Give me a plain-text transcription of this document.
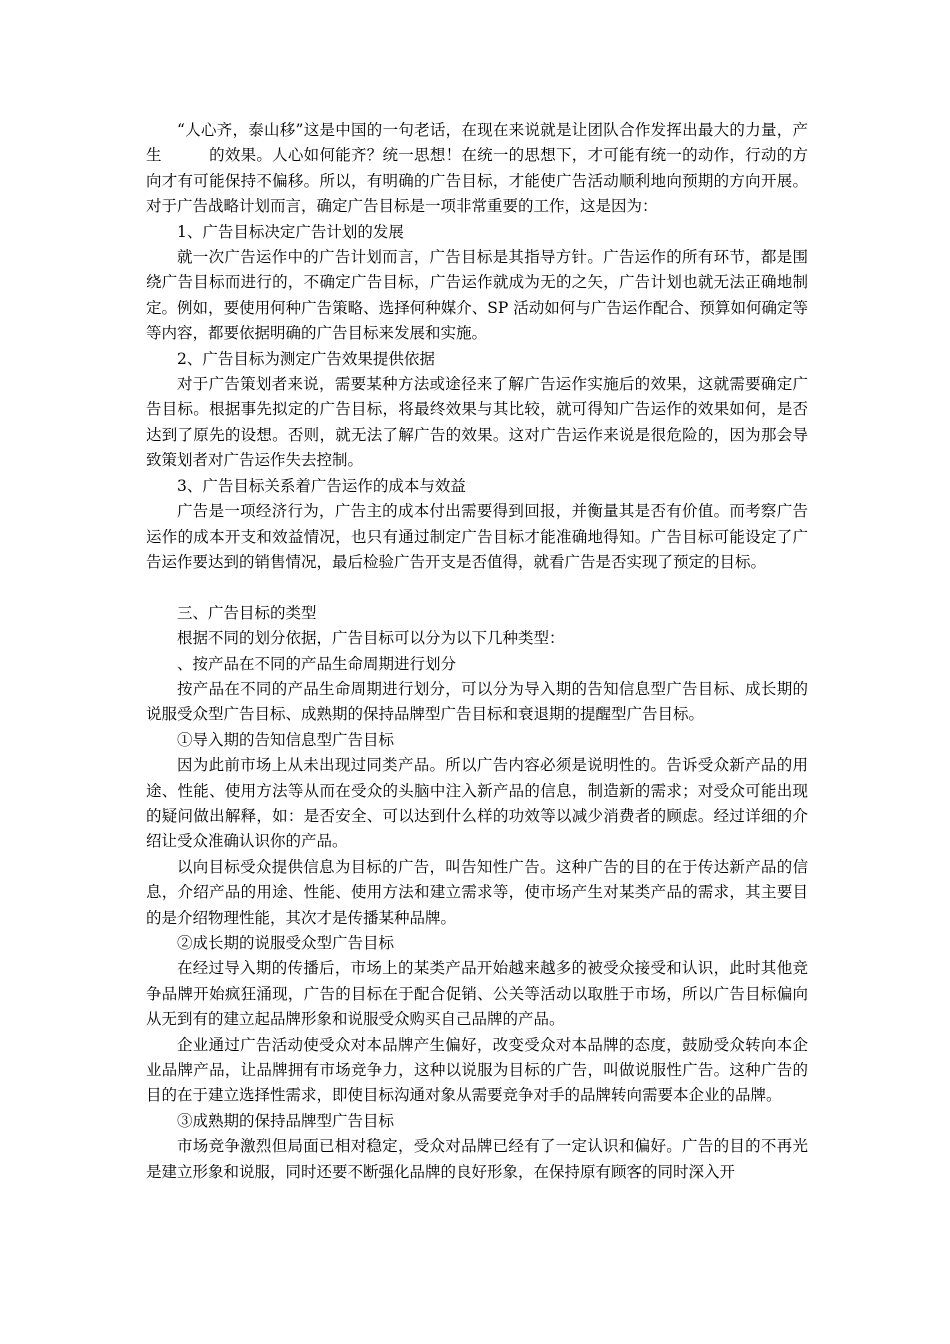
“人心齐，泰山移”这是中国的一句老话，在现在来说就是让团队合作发挥出最大的力量，产生　　　的效果。人心如何能齐？统一思想！在统一的思想下，才可能有统一的动作，行动的方向才有可能保持不偏移。所以，有明确的广告目标，才能使广告活动顺利地向预期的方向开展。对于广告战略计划而言，确定广告目标是一项非常重要的工作，这是因为：

1、广告目标决定广告计划的发展

就一次广告运作中的广告计划而言，广告目标是其指导方针。广告运作的所有环节，都是围绕广告目标而进行的，不确定广告目标，广告运作就成为无的之矢，广告计划也就无法正确地制定。例如，要使用何种广告策略、选择何种媒介、SP 活动如何与广告运作配合、预算如何确定等等内容，都要依据明确的广告目标来发展和实施。

2、广告目标为测定广告效果提供依据

对于广告策划者来说，需要某种方法或途径来了解广告运作实施后的效果，这就需要确定广告目标。根据事先拟定的广告目标，将最终效果与其比较，就可得知广告运作的效果如何，是否达到了原先的设想。否则，就无法了解广告的效果。这对广告运作来说是很危险的，因为那会导致策划者对广告运作失去控制。

3、广告目标关系着广告运作的成本与效益

广告是一项经济行为，广告主的成本付出需要得到回报，并衡量其是否有价值。而考察广告运作的成本开支和效益情况，也只有通过制定广告目标才能准确地得知。广告目标可能设定了广告运作要达到的销售情况，最后检验广告开支是否值得，就看广告是否实现了预定的目标。

三、广告目标的类型

根据不同的划分依据，广告目标可以分为以下几种类型：

、按产品在不同的产品生命周期进行划分

按产品在不同的产品生命周期进行划分，可以分为导入期的告知信息型广告目标、成长期的说服受众型广告目标、成熟期的保持品牌型广告目标和衰退期的提醒型广告目标。

①导入期的告知信息型广告目标

因为此前市场上从未出现过同类产品。所以广告内容必须是说明性的。告诉受众新产品的用途、性能、使用方法等从而在受众的头脑中注入新产品的信息，制造新的需求；对受众可能出现的疑问做出解释，如：是否安全、可以达到什么样的功效等以减少消费者的顾虑。经过详细的介绍让受众准确认识你的产品。

以向目标受众提供信息为目标的广告，叫告知性广告。这种广告的目的在于传达新产品的信息，介绍产品的用途、性能、使用方法和建立需求等，使市场产生对某类产品的需求，其主要目的是介绍物理性能，其次才是传播某种品牌。

②成长期的说服受众型广告目标

在经过导入期的传播后，市场上的某类产品开始越来越多的被受众接受和认识，此时其他竞争品牌开始疯狂涌现，广告的目标在于配合促销、公关等活动以取胜于市场，所以广告目标偏向从无到有的建立起品牌形象和说服受众购买自己品牌的产品。

企业通过广告活动使受众对本品牌产生偏好，改变受众对本品牌的态度，鼓励受众转向本企业品牌产品，让品牌拥有市场竞争力，这种以说服为目标的广告，叫做说服性广告。这种广告的目的在于建立选择性需求，即使目标沟通对象从需要竞争对手的品牌转向需要本企业的品牌。

③成熟期的保持品牌型广告目标

市场竞争激烈但局面已相对稳定，受众对品牌已经有了一定认识和偏好。广告的目的不再光是建立形象和说服，同时还要不断强化品牌的良好形象，在保持原有顾客的同时深入开
